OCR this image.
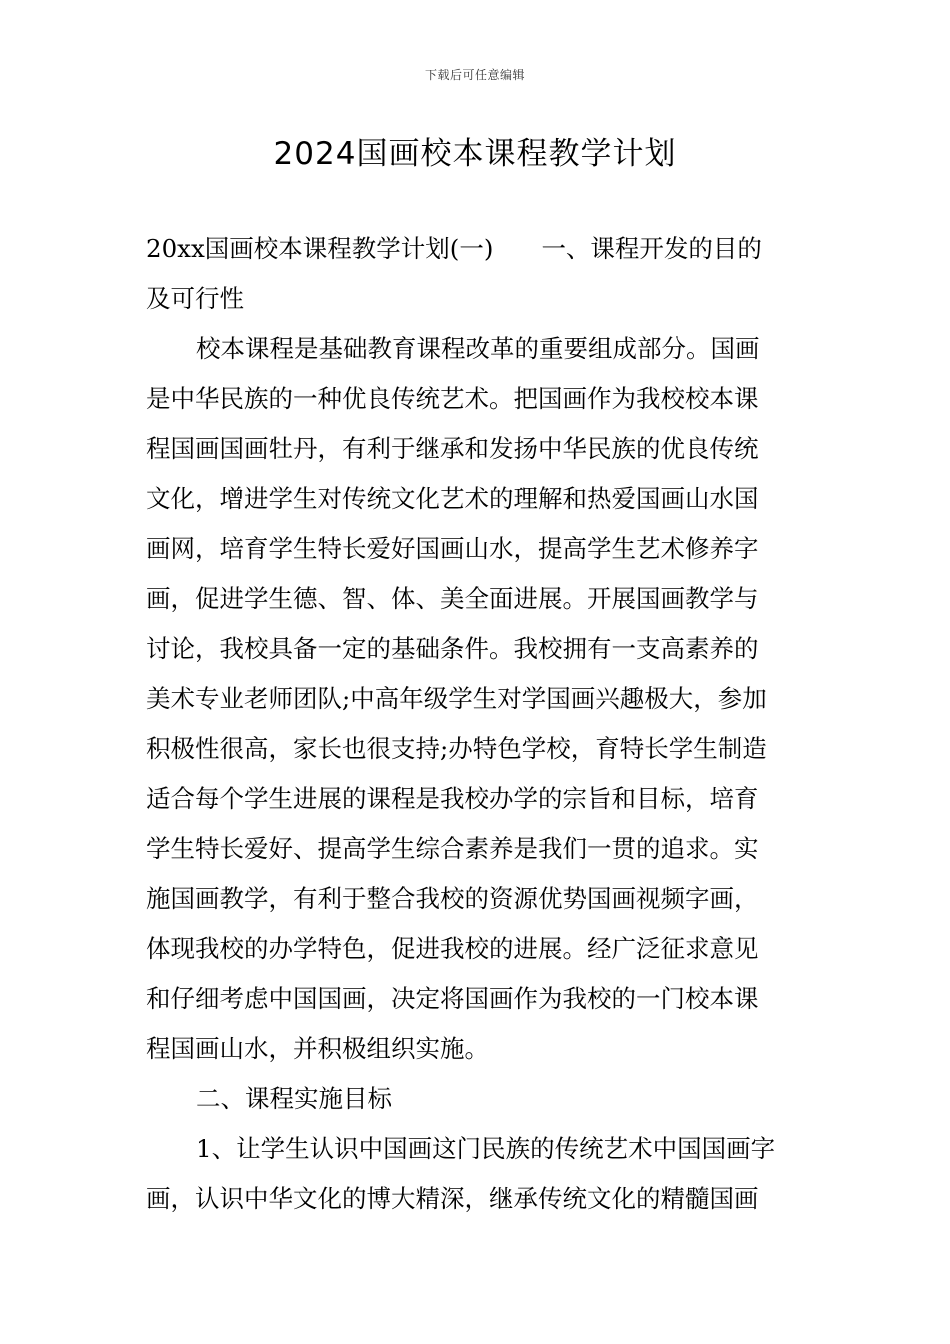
下载后可任意编辑
2024国画校本课程教学计划
20xx国画校本课程教学计划(一) 一、课程开发的目的
及可行性
校本课程是基础教育课程改革的重要组成部分。国画
是中华民族的一种优良传统艺术。把国画作为我校校本课
程国画国画牡丹，有利于继承和发扬中华民族的优良传统
文化，增进学生对传统文化艺术的理解和热爱国画山水国
画网，培育学生特长爱好国画山水，提高学生艺术修养字
画，促进学生德、智、体、美全面进展。开展国画教学与
讨论，我校具备一定的基础条件。我校拥有一支高素养的
美术专业老师团队;中高年级学生对学国画兴趣极大，参加
积极性很高，家长也很支持;办特色学校，育特长学生制造
适合每个学生进展的课程是我校办学的宗旨和目标，培育
学生特长爱好、提高学生综合素养是我们一贯的追求。实
施国画教学，有利于整合我校的资源优势国画视频字画，
体现我校的办学特色，促进我校的进展。经广泛征求意见
和仔细考虑中国国画，决定将国画作为我校的一门校本课
程国画山水，并积极组织实施。
二、课程实施目标
1、让学生认识中国画这门民族的传统艺术中国国画字
画，认识中华文化的博大精深，继承传统文化的精髓国画
